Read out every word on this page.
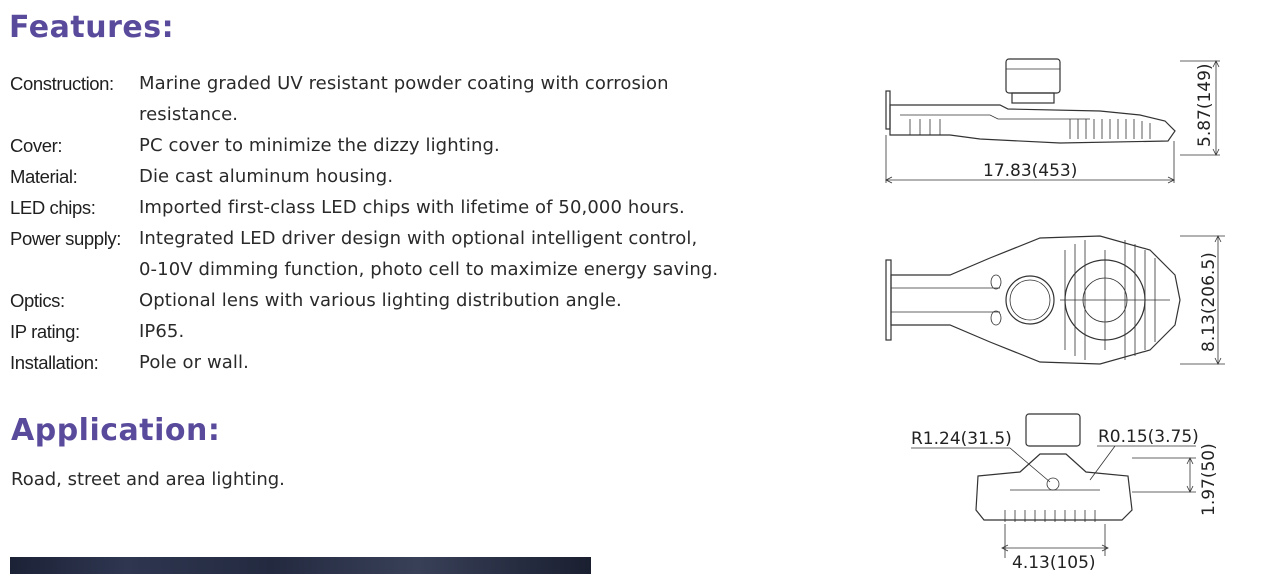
Features:
Construction:	Marine graded UV resistant powder coating with corrosion
resistance.
Cover:	PC cover to minimize the dizzy lighting.
Material:	Die cast aluminum housing.
LED chips:	Imported first-class LED chips with lifetime of 50,000 hours.
Power supply:	Integrated LED driver design with optional intelligent control,
0-10V dimming function, photo cell to maximize energy saving.
Optics:	Optional lens with various lighting distribution angle.
IP rating:	IP65.
Installation:	Pole or wall.
Application:

Road, street and area lighting.

5.87(149)
17.83(453)
8.13(206.5)
R1.24(31.5)	R0.15(3.75)
1.97(50)
4.13(105)
